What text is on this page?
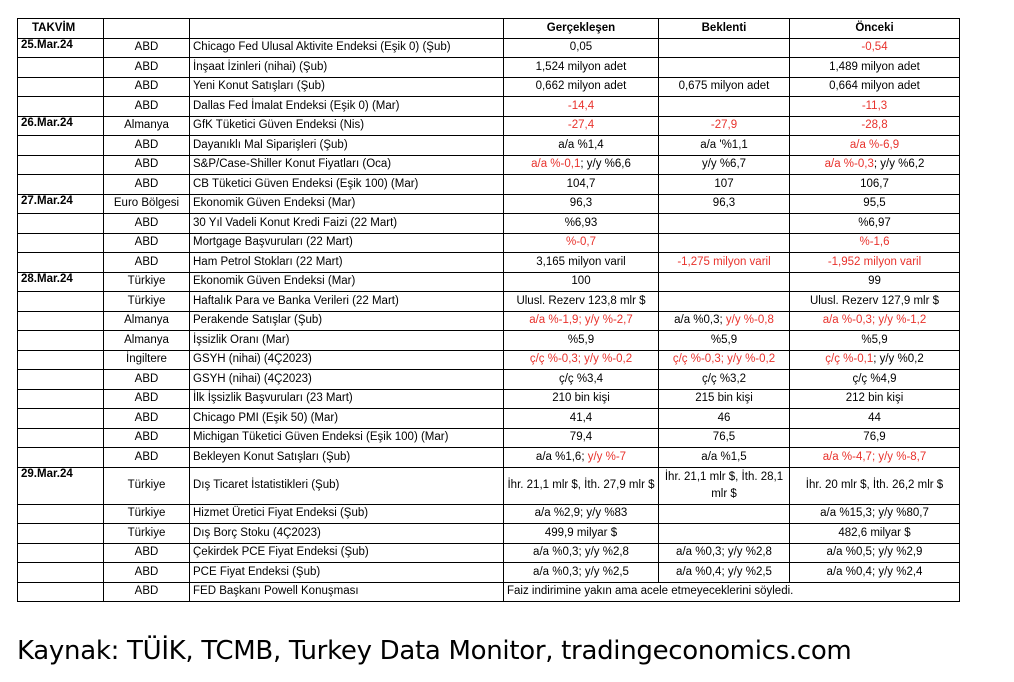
TAKVİM			Gerçekleşen	Beklenti	Önceki
25.Mar.24	ABD	Chicago Fed Ulusal Aktivite Endeksi (Eşik 0) (Şub)	0,05		-0,54
	ABD	İnşaat İzinleri (nihai) (Şub)	1,524 milyon adet		1,489 milyon adet
	ABD	Yeni Konut Satışları (Şub)	0,662 milyon adet	0,675 milyon adet	0,664 milyon adet
	ABD	Dallas Fed İmalat Endeksi (Eşik 0) (Mar)	-14,4		-11,3
26.Mar.24	Almanya	GfK Tüketici Güven Endeksi (Nis)	-27,4	-27,9	-28,8
	ABD	Dayanıklı Mal Siparişleri (Şub)	a/a %1,4	a/a '%1,1	a/a %-6,9
	ABD	S&P/Case-Shiller Konut Fiyatları (Oca)	a/a %-0,1; y/y %6,6	y/y %6,7	a/a %-0,3; y/y %6,2
	ABD	CB Tüketici Güven Endeksi (Eşik 100) (Mar)	104,7	107	106,7
27.Mar.24	Euro Bölgesi	Ekonomik Güven Endeksi (Mar)	96,3	96,3	95,5
	ABD	30 Yıl Vadeli Konut Kredi Faizi (22 Mart)	%6,93		%6,97
	ABD	Mortgage Başvuruları (22 Mart)	%-0,7		%-1,6
	ABD	Ham Petrol Stokları (22 Mart)	3,165 milyon varil	-1,275 milyon varil	-1,952 milyon varil
28.Mar.24	Türkiye	Ekonomik Güven Endeksi (Mar)	100		99
	Türkiye	Haftalık Para ve Banka Verileri (22 Mart)	Ulusl. Rezerv 123,8 mlr $		Ulusl. Rezerv 127,9 mlr $
	Almanya	Perakende Satışlar (Şub)	a/a %-1,9; y/y %-2,7	a/a %0,3; y/y %-0,8	a/a %-0,3; y/y %-1,2
	Almanya	İşsizlik Oranı (Mar)	%5,9	%5,9	%5,9
	İngiltere	GSYH (nihai) (4Ç2023)	ç/ç %-0,3; y/y %-0,2	ç/ç %-0,3; y/y %-0,2	ç/ç %-0,1; y/y %0,2
	ABD	GSYH (nihai) (4Ç2023)	ç/ç %3,4	ç/ç %3,2	ç/ç %4,9
	ABD	İlk İşsizlik Başvuruları (23 Mart)	210 bin kişi	215 bin kişi	212 bin kişi
	ABD	Chicago PMI (Eşik 50) (Mar)	41,4	46	44
	ABD	Michigan Tüketici Güven Endeksi (Eşik 100) (Mar)	79,4	76,5	76,9
	ABD	Bekleyen Konut Satışları (Şub)	a/a %1,6; y/y %-7	a/a %1,5	a/a %-4,7; y/y %-8,7
29.Mar.24	Türkiye	Dış Ticaret İstatistikleri (Şub)	İhr. 21,1 mlr $, İth. 27,9 mlr $	İhr. 21,1 mlr $, İth. 28,1 mlr $	İhr. 20 mlr $, İth. 26,2 mlr $
	Türkiye	Hizmet Üretici Fiyat Endeksi (Şub)	a/a %2,9; y/y %83		a/a %15,3; y/y %80,7
	Türkiye	Dış Borç Stoku (4Ç2023)	499,9 milyar $		482,6 milyar $
	ABD	Çekirdek PCE Fiyat Endeksi (Şub)	a/a %0,3; y/y %2,8	a/a %0,3; y/y %2,8	a/a %0,5; y/y %2,9
	ABD	PCE Fiyat Endeksi (Şub)	a/a %0,3; y/y %2,5	a/a %0,4; y/y %2,5	a/a %0,4; y/y %2,4
	ABD	FED Başkanı Powell Konuşması	Faiz indirimine yakın ama acele etmeyeceklerini söyledi.		
Kaynak: TÜİK, TCMB, Turkey Data Monitor, tradingeconomics.com
